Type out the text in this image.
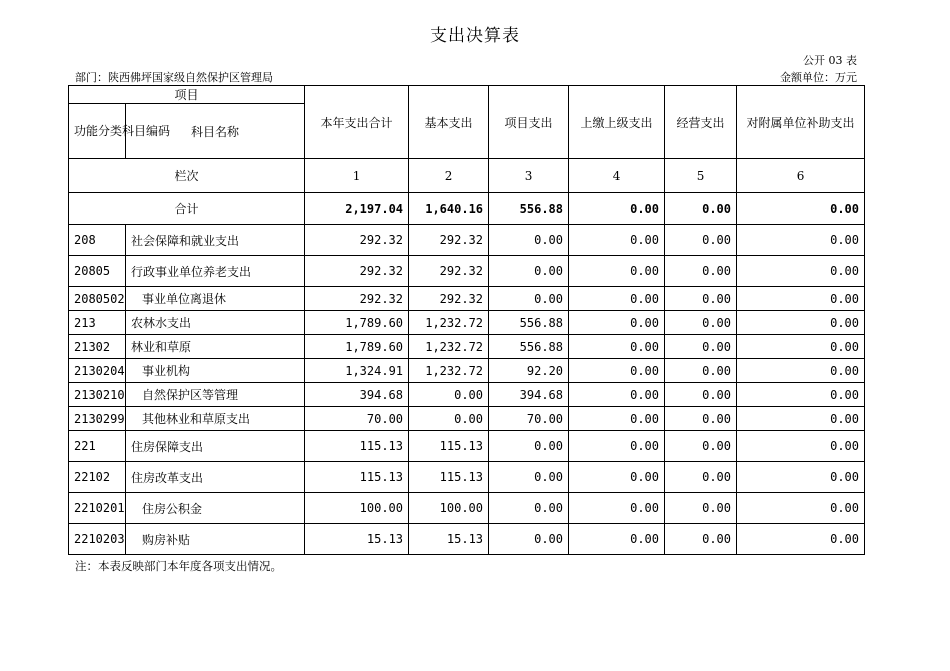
支出决算表
公开 03 表
部门：陕西佛坪国家级自然保护区管理局	金额单位：万元
项目		本年支出合计	基本支出	项目支出	上缴上级支出	经营支出	对附属单位补助支出
功能分类科目编码	科目名称						
栏次		1	2	3	4	5	6
合计		2,197.04	1,640.16	556.88	0.00	0.00	0.00
208	社会保障和就业支出	292.32	292.32	0.00	0.00	0.00	0.00
20805	行政事业单位养老支出	292.32	292.32	0.00	0.00	0.00	0.00
2080502	事业单位离退休	292.32	292.32	0.00	0.00	0.00	0.00
213	农林水支出	1,789.60	1,232.72	556.88	0.00	0.00	0.00
21302	林业和草原	1,789.60	1,232.72	556.88	0.00	0.00	0.00
2130204	事业机构	1,324.91	1,232.72	92.20	0.00	0.00	0.00
2130210	自然保护区等管理	394.68	0.00	394.68	0.00	0.00	0.00
2130299	其他林业和草原支出	70.00	0.00	70.00	0.00	0.00	0.00
221	住房保障支出	115.13	115.13	0.00	0.00	0.00	0.00
22102	住房改革支出	115.13	115.13	0.00	0.00	0.00	0.00
2210201	住房公积金	100.00	100.00	0.00	0.00	0.00	0.00
2210203	购房补贴	15.13	15.13	0.00	0.00	0.00	0.00
注：本表反映部门本年度各项支出情况。
